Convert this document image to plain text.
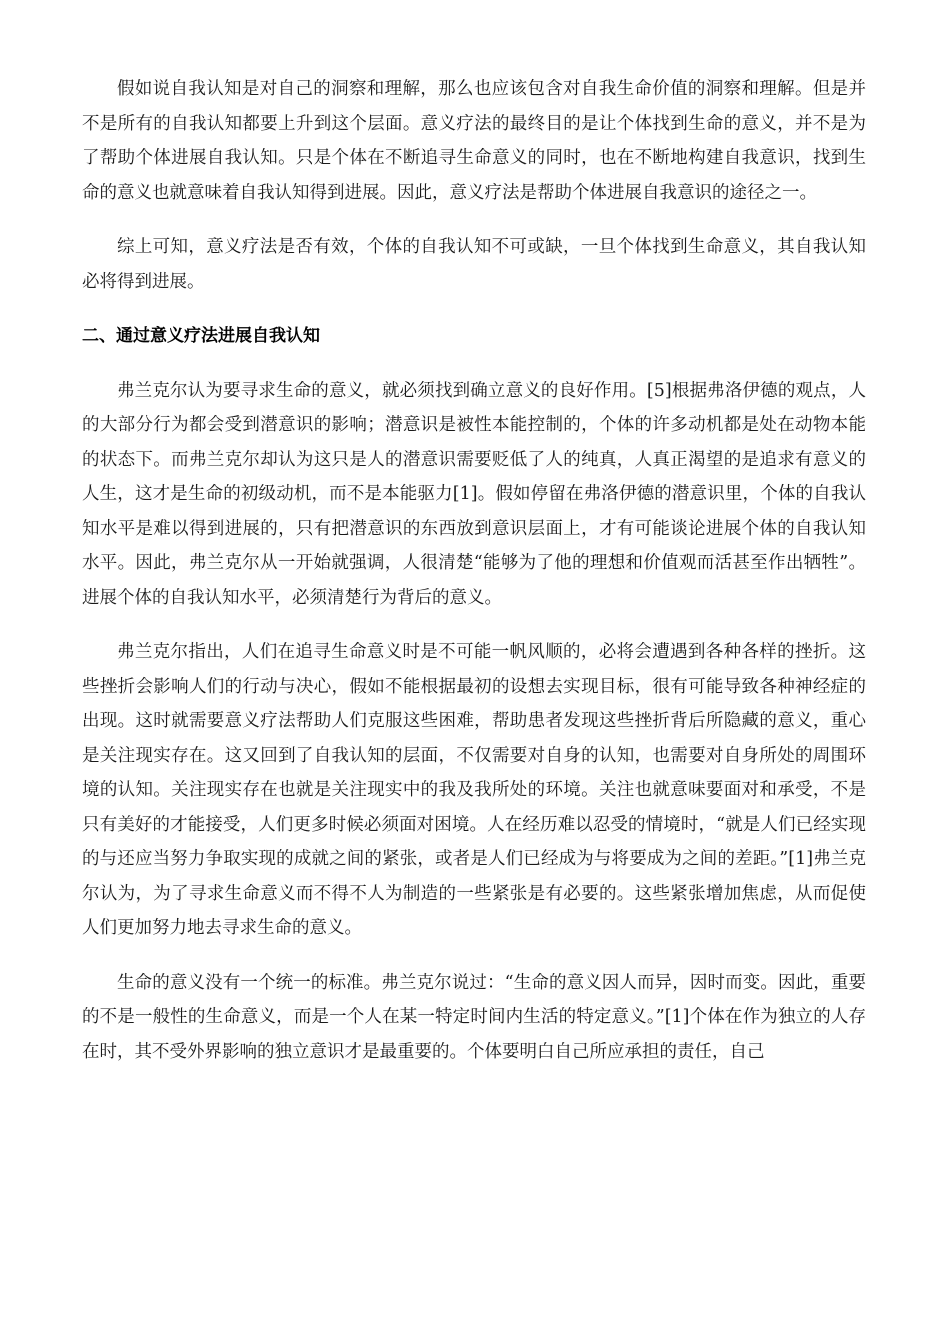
假如说自我认知是对自己的洞察和理解，那么也应该包含对自我生命价值的洞察和理解。但是并不是所有的自我认知都要上升到这个层面。意义疗法的最终目的是让个体找到生命的意义，并不是为了帮助个体进展自我认知。只是个体在不断追寻生命意义的同时，也在不断地构建自我意识，找到生命的意义也就意味着自我认知得到进展。因此，意义疗法是帮助个体进展自我意识的途径之一。

综上可知，意义疗法是否有效，个体的自我认知不可或缺，一旦个体找到生命意义，其自我认知必将得到进展。

二、通过意义疗法进展自我认知

弗兰克尔认为要寻求生命的意义，就必须找到确立意义的良好作用。[5]根据弗洛伊德的观点，人的大部分行为都会受到潜意识的影响；潜意识是被性本能控制的，个体的许多动机都是处在动物本能的状态下。而弗兰克尔却认为这只是人的潜意识需要贬低了人的纯真，人真正渴望的是追求有意义的人生，这才是生命的初级动机，而不是本能驱力[1]。假如停留在弗洛伊德的潜意识里，个体的自我认知水平是难以得到进展的，只有把潜意识的东西放到意识层面上，才有可能谈论进展个体的自我认知水平。因此，弗兰克尔从一开始就强调，人很清楚“能够为了他的理想和价值观而活甚至作出牺牲”。进展个体的自我认知水平，必须清楚行为背后的意义。

弗兰克尔指出，人们在追寻生命意义时是不可能一帆风顺的，必将会遭遇到各种各样的挫折。这些挫折会影响人们的行动与决心，假如不能根据最初的设想去实现目标，很有可能导致各种神经症的出现。这时就需要意义疗法帮助人们克服这些困难，帮助患者发现这些挫折背后所隐藏的意义，重心是关注现实存在。这又回到了自我认知的层面，不仅需要对自身的认知，也需要对自身所处的周围环境的认知。关注现实存在也就是关注现实中的我及我所处的环境。关注也就意味要面对和承受，不是只有美好的才能接受，人们更多时候必须面对困境。人在经历难以忍受的情境时，“就是人们已经实现的与还应当努力争取实现的成就之间的紧张，或者是人们已经成为与将要成为之间的差距。”[1]弗兰克尔认为，为了寻求生命意义而不得不人为制造的一些紧张是有必要的。这些紧张增加焦虑，从而促使人们更加努力地去寻求生命的意义。

生命的意义没有一个统一的标准。弗兰克尔说过：“生命的意义因人而异，因时而变。因此，重要的不是一般性的生命意义，而是一个人在某一特定时间内生活的特定意义。”[1]个体在作为独立的人存在时，其不受外界影响的独立意识才是最重要的。个体要明白自己所应承担的责任，自己
